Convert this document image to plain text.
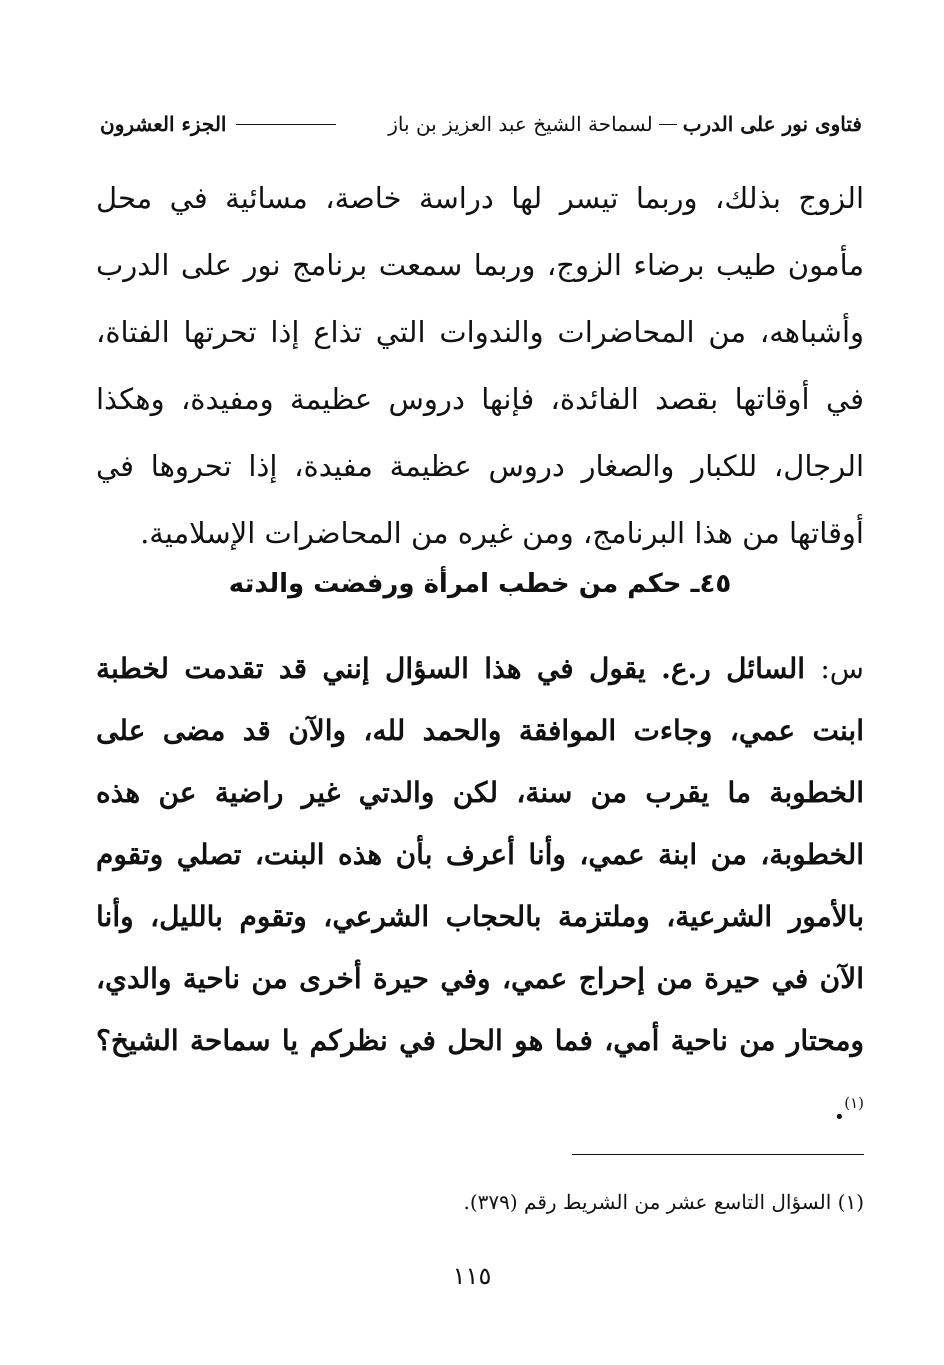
فتاوى نور على الدرب
لسماحة الشيخ عبد العزيز بن باز
الجزء العشرون

الزوج بذلك، وربما تيسر لها دراسة خاصة، مسائية في محل مأمون طيب برضاء الزوج، وربما سمعت برنامج نور على الدرب وأشباهه، من المحاضرات والندوات التي تذاع إذا تحرتها الفتاة، في أوقاتها بقصد الفائدة، فإنها دروس عظيمة ومفيدة، وهكذا الرجال، للكبار والصغار دروس عظيمة مفيدة، إذا تحروها في أوقاتها من هذا البرنامج، ومن غيره من المحاضرات الإسلامية.

٤٥ـ حكم من خطب امرأة ورفضت والدته

س: السائل ر.ع. يقول في هذا السؤال إنني قد تقدمت لخطبة ابنت عمي، وجاءت الموافقة والحمد لله، والآن قد مضى على الخطوبة ما يقرب من سنة، لكن والدتي غير راضية عن هذه الخطوبة، من ابنة عمي، وأنا أعرف بأن هذه البنت، تصلي وتقوم بالأمور الشرعية، وملتزمة بالحجاب الشرعي، وتقوم بالليل، وأنا الآن في حيرة من إحراج عمي، وفي حيرة أخرى من ناحية والدي، ومحتار من ناحية أمي، فما هو الحل في نظركم يا سماحة الشيخ؟$^{(١)}$.

(١) السؤال التاسع عشر من الشريط رقم (٣٧٩).
١١٥
